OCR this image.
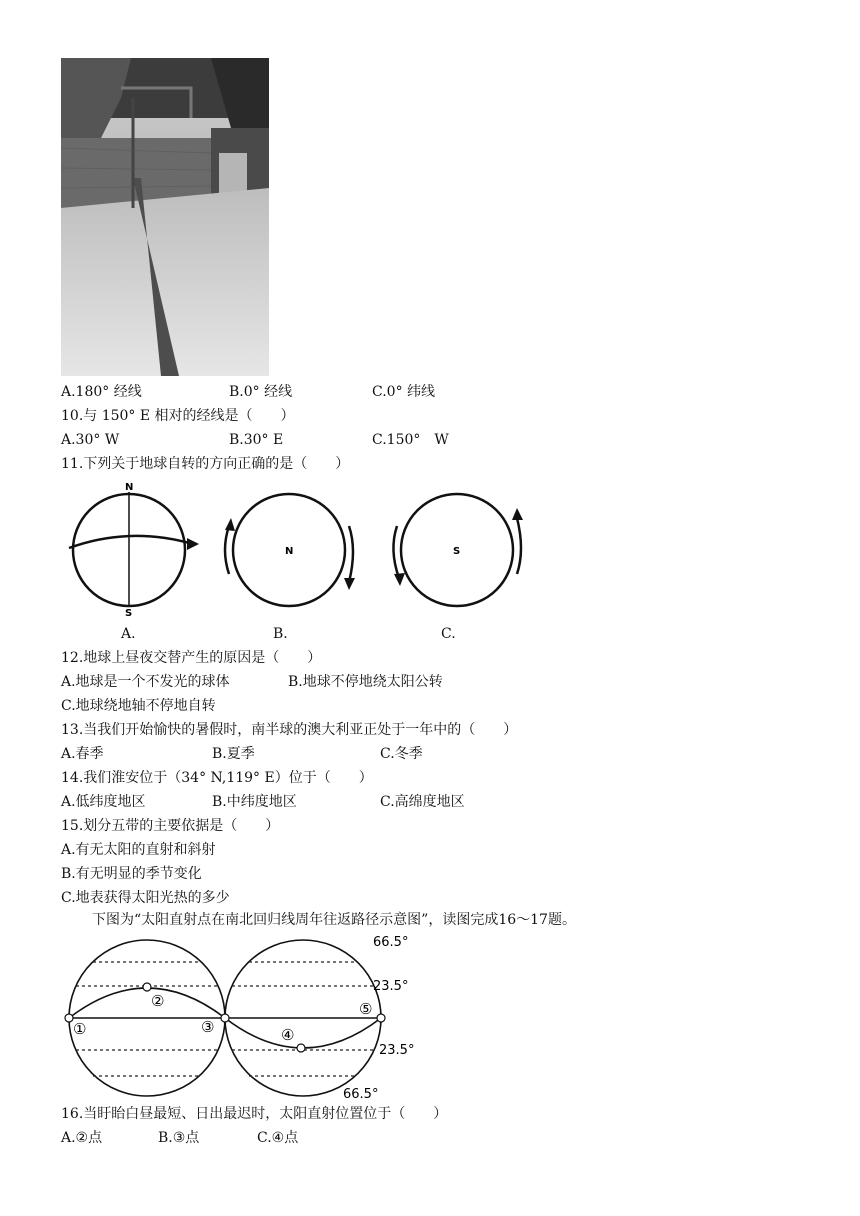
A.180° 经线	B.0° 经线	C.0° 纬线
10.与 150° E 相对的经线是（　　）
A.30° W	B.30° E	C.150°　W
11.下列关于地球自转的方向正确的是（　　）
N
S
N	S
A.	B.	C.
12.地球上昼夜交替产生的原因是（　　）
A.地球是一个不发光的球体	B.地球不停地绕太阳公转
C.地球绕地轴不停地自转
13.当我们开始愉快的暑假时，南半球的澳大利亚正处于一年中的（　　）
A.春季	B.夏季	C.冬季
14.我们淮安位于（34° N,119° E）位于（　　）
A.低纬度地区	B.中纬度地区	C.高绵度地区
15.划分五带的主要依据是（　　）
A.有无太阳的直射和斜射
B.有无明显的季节变化
C.地表获得太阳光热的多少
下图为“太阳直射点在南北回归线周年往返路径示意图”，读图完成16～17题。
66.5°
23.5°
23.5°
66.5°
①
②
③	④
⑤
16.当盱眙白昼最短、日出最迟时，太阳直射位置位于（　　）
A.②点	B.③点	C.④点
